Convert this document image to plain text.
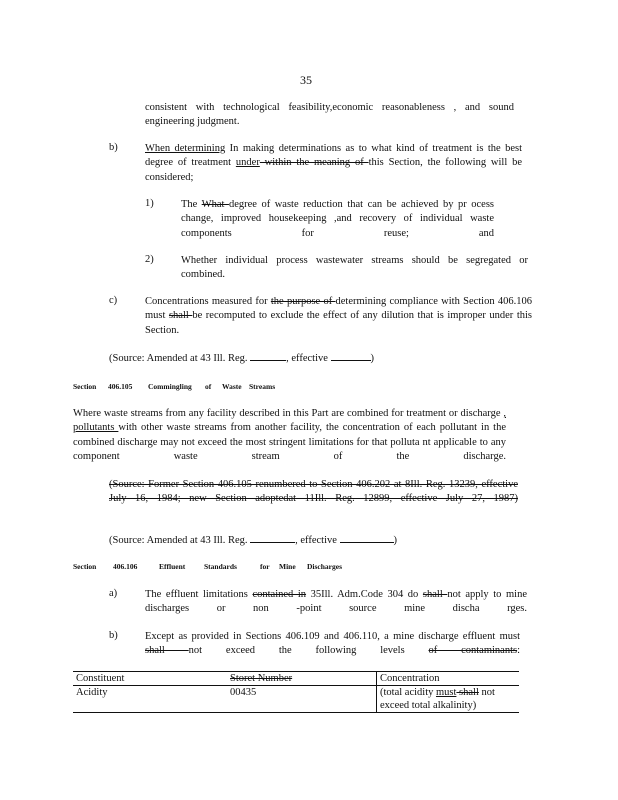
35
consistent with technological feasibility,economic reasonableness , and sound
engineering judgment.
b)	When determining In making determinations as to what kind of treatment is the best degree of treatment under within the meaning of this Section, the following will be considered;
1)	The What degree of waste reduction that can be achieved by pr ocess change, improved housekeeping ,and recovery of individual waste components for reuse; and
2)	Whether individual process wastewater streams should be segregated or combined.
c)	Concentrations measured for the purpose of determining compliance with Section 406.106 must shall be recomputed to exclude the effect of any dilution that is improper under this Section.
(Source: Amended at 43 Ill. Reg.	, effective	)
Section 406.105 Commingling of Waste Streams
Where waste streams from any facility described in this Part are combined for treatment or discharge , pollutants with other waste streams from another facility, the concentration of each pollutant in the combined discharge may not exceed the most stringent limitations for that polluta nt applicable to any component waste stream of the discharge.
(Source: Former Section 406.105 renumbered to Section 406.202 at 8Ill. Reg. 13239, effective July 16, 1984; new Section adoptedat 11Ill. Reg. 12899, effective July 27, 1987)
(Source: Amended at 43 Ill. Reg.	, effective	)
Section 406.106	Effluent	Standards	for Mine Discharges
a)	The effluent limitations contained in 35Ill. Adm.Code 304 do shall not apply to mine discharges or non -point source mine discha rges.
b)	Except as provided in Sections 406.109 and 406.110, a mine discharge effluent must shall not exceed the following levels of contaminants:
Constituent	Storet Number	Concentration
Acidity	00435	(total acidity must shall not exceed total alkalinity)
